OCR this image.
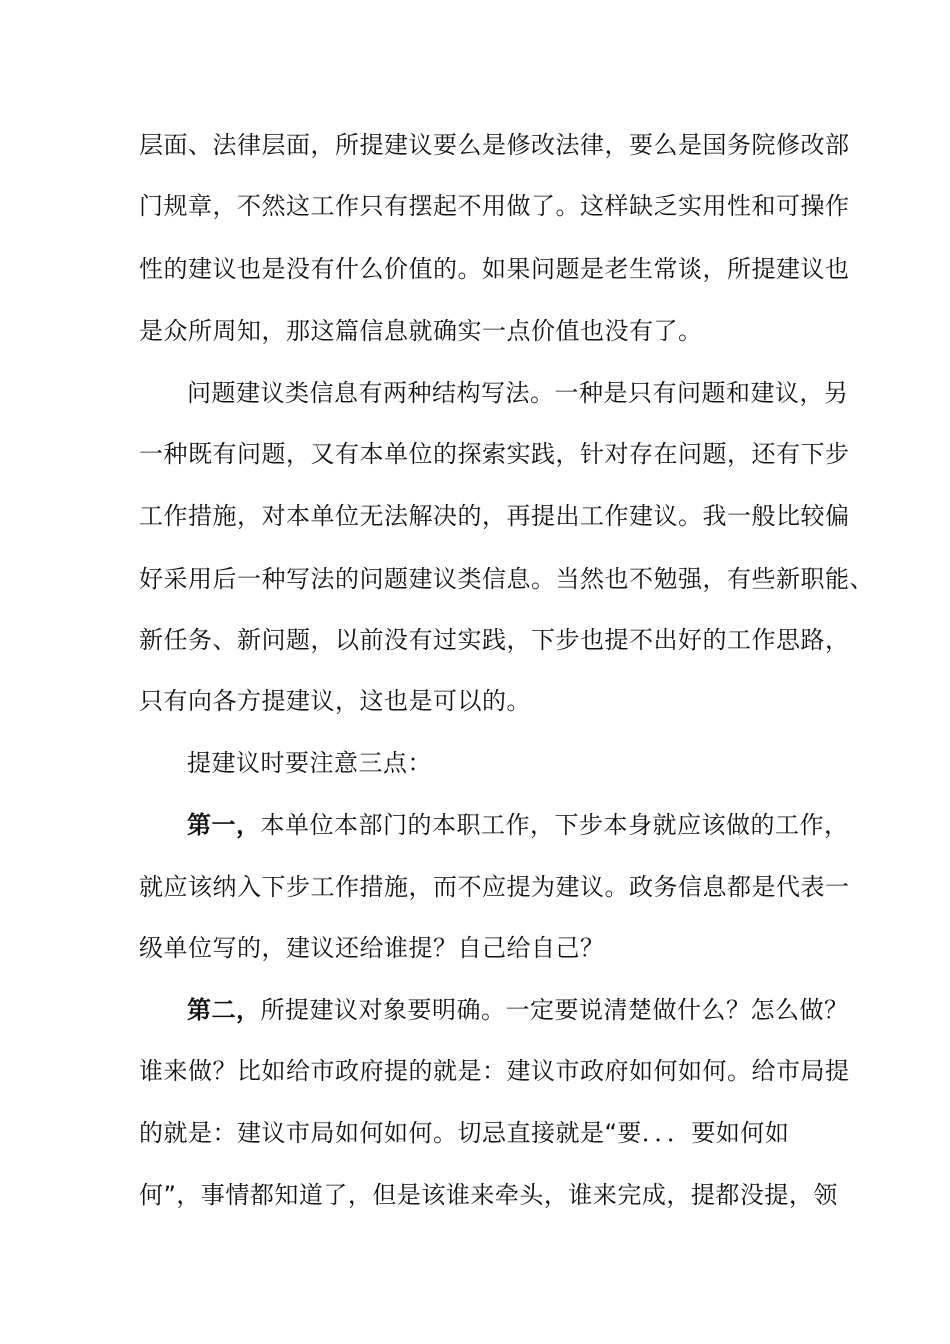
层面、法律层面，所提建议要么是修改法律，要么是国务院修改部
门规章，不然这工作只有摆起不用做了。这样缺乏实用性和可操作
性的建议也是没有什么价值的。如果问题是老生常谈，所提建议也
是众所周知，那这篇信息就确实一点价值也没有了。
问题建议类信息有两种结构写法。一种是只有问题和建议，另
一种既有问题，又有本单位的探索实践，针对存在问题，还有下步
工作措施，对本单位无法解决的，再提出工作建议。我一般比较偏
好采用后一种写法的问题建议类信息。当然也不勉强，有些新职能、
新任务、新问题，以前没有过实践，下步也提不出好的工作思路，
只有向各方提建议，这也是可以的。
提建议时要注意三点：
第一，本单位本部门的本职工作，下步本身就应该做的工作，
就应该纳入下步工作措施，而不应提为建议。政务信息都是代表一
级单位写的，建议还给谁提？自己给自己？
第二，所提建议对象要明确。一定要说清楚做什么？怎么做？
谁来做？比如给市政府提的就是：建议市政府如何如何。给市局提
的就是：建议市局如何如何。切忌直接就是“要．．．要如何如
何”，事情都知道了，但是该谁来牵头，谁来完成，提都没提，领
